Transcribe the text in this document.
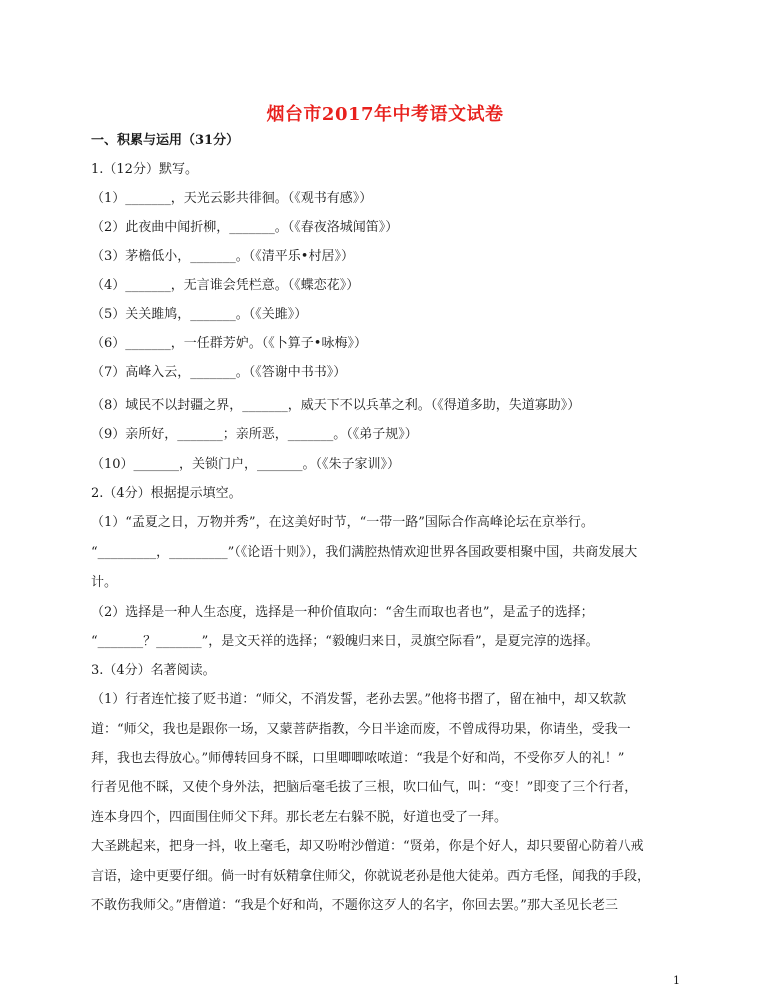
烟台市2017年中考语文试卷
一、积累与运用（31分）
1.（12分）默写。
（1）_______，天光云影共徘徊。（《观书有感》）
（2）此夜曲中闻折柳，_______。（《春夜洛城闻笛》）
（3）茅檐低小，_______。（《清平乐•村居》）
（4）_______，无言谁会凭栏意。（《蝶恋花》）
（5）关关雎鸠，_______。（《关雎》）
（6）_______，一任群芳妒。（《卜算子•咏梅》）
（7）高峰入云，_______。（《答谢中书书》）
（8）域民不以封疆之界，_______，威天下不以兵革之利。（《得道多助，失道寡助》）
（9）亲所好，_______；亲所恶，_______。（《弟子规》）
（10）_______，关锁门户，_______。（《朱子家训》）
2.（4分）根据提示填空。
（1）“孟夏之日，万物并秀”，在这美好时节，“一带一路”国际合作高峰论坛在京举行。
“_________，_________”（《论语十则》），我们满腔热情欢迎世界各国政要相聚中国，共商发展大
计。
（2）选择是一种人生态度，选择是一种价值取向：“舍生而取也者也”，是孟子的选择；
“_______？_______”，是文天祥的选择；“毅魄归来日，灵旗空际看”，是夏完淳的选择。
3.（4分）名著阅读。
（1）行者连忙接了贬书道：“师父，不消发誓，老孙去罢。”他将书摺了，留在袖中，却又软款
道：“师父，我也是跟你一场，又蒙菩萨指教，今日半途而废，不曾成得功果，你请坐，受我一
拜，我也去得放心。”师傅转回身不睬，口里唧唧哝哝道：“我是个好和尚，不受你歹人的礼！”
行者见他不睬，又使个身外法，把脑后毫毛拔了三根，吹口仙气，叫：“变！”即变了三个行者，
连本身四个，四面围住师父下拜。那长老左右躲不脱，好道也受了一拜。
大圣跳起来，把身一抖，收上毫毛，却又吩咐沙僧道：“贤弟，你是个好人，却只要留心防着八戒
言语，途中更要仔细。倘一时有妖精拿住师父，你就说老孙是他大徒弟。西方毛怪，闻我的手段，
不敢伤我师父。”唐僧道：“我是个好和尚，不题你这歹人的名字，你回去罢。”那大圣见长老三
1
